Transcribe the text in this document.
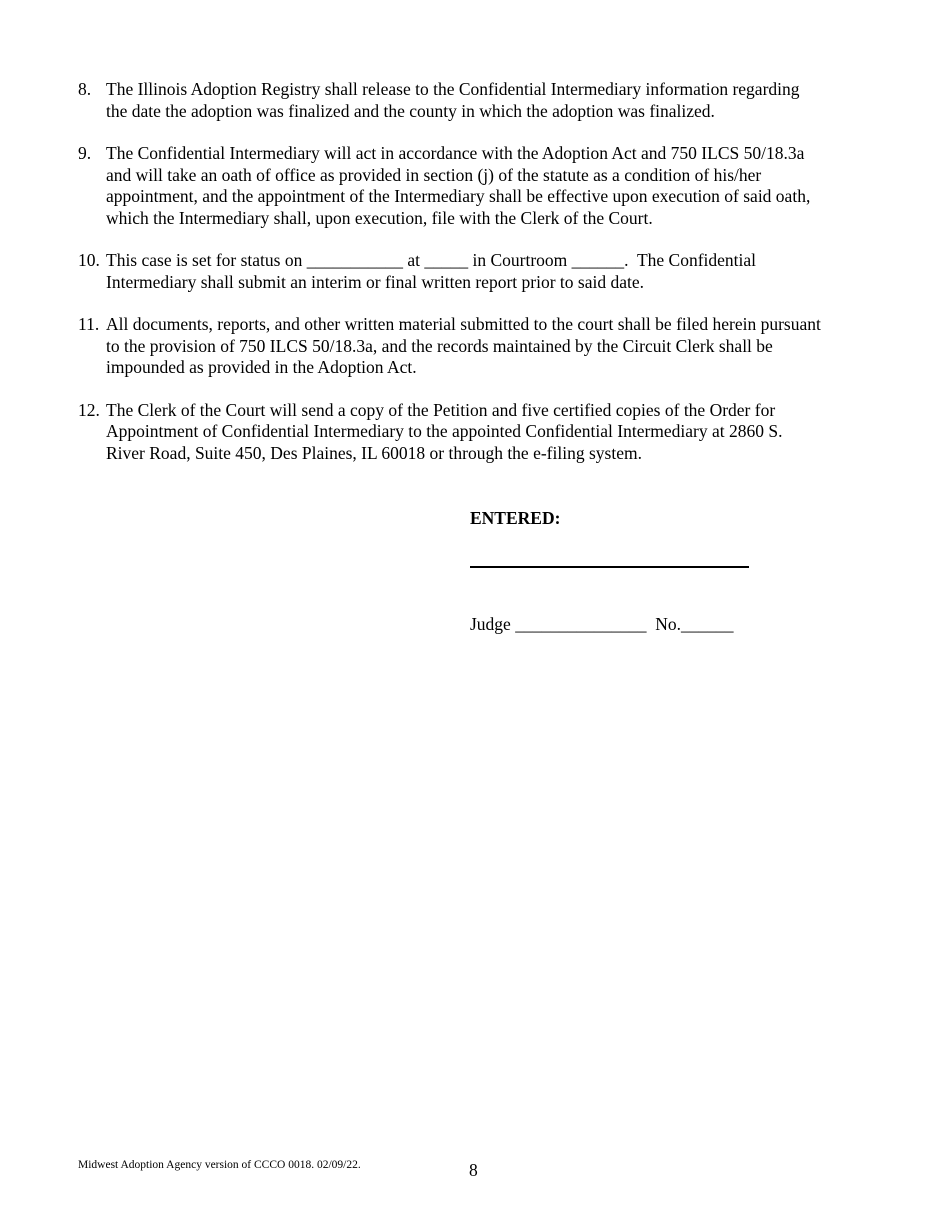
8. The Illinois Adoption Registry shall release to the Confidential Intermediary information regarding
the date the adoption was finalized and the county in which the adoption was finalized.
9. The Confidential Intermediary will act in accordance with the Adoption Act and 750 ILCS 50/18.3a
and will take an oath of office as provided in section (j) of the statute as a condition of his/her
appointment, and the appointment of the Intermediary shall be effective upon execution of said oath,
which the Intermediary shall, upon execution, file with the Clerk of the Court.
10. This case is set for status on ___________ at _____ in Courtroom ______.  The Confidential
Intermediary shall submit an interim or final written report prior to said date.
11. All documents, reports, and other written material submitted to the court shall be filed herein pursuant
to the provision of 750 ILCS 50/18.3a, and the records maintained by the Circuit Clerk shall be
impounded as provided in the Adoption Act.
12. The Clerk of the Court will send a copy of the Petition and five certified copies of the Order for
Appointment of Confidential Intermediary to the appointed Confidential Intermediary at 2860 S.
River Road, Suite 450, Des Plaines, IL 60018 or through the e-filing system.
ENTERED:
Judge _______________  No.______
Midwest Adoption Agency version of CCCO 0018. 02/09/22.	8
